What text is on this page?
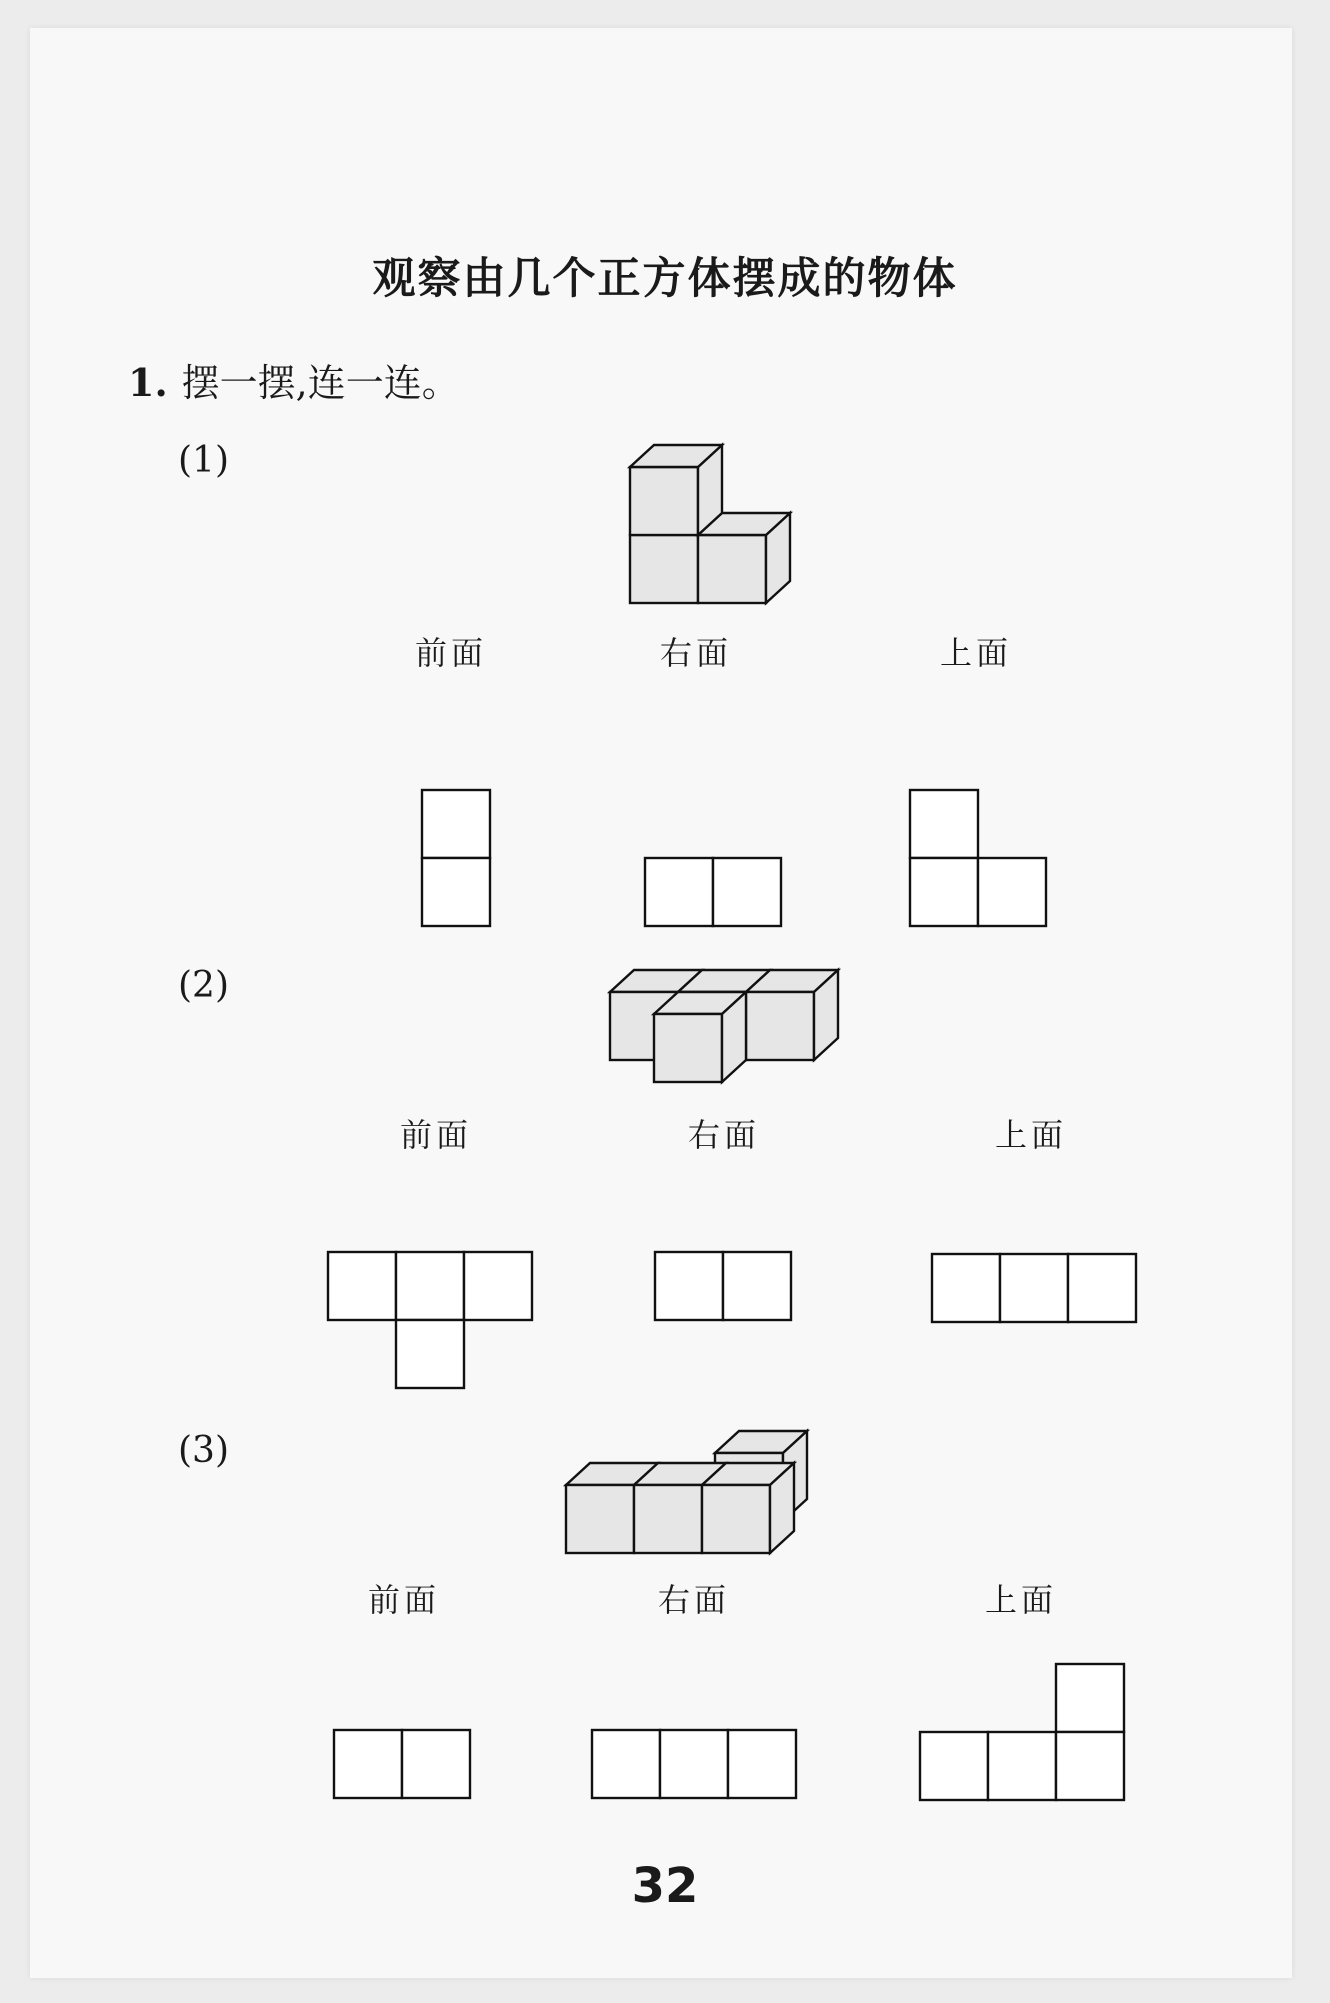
观察由几个正方体摆成的物体
1. 摆一摆,连一连。
(1)
前面	右面	上面
(2)
前面	右面	上面
(3)
前面	右面	上面
32
